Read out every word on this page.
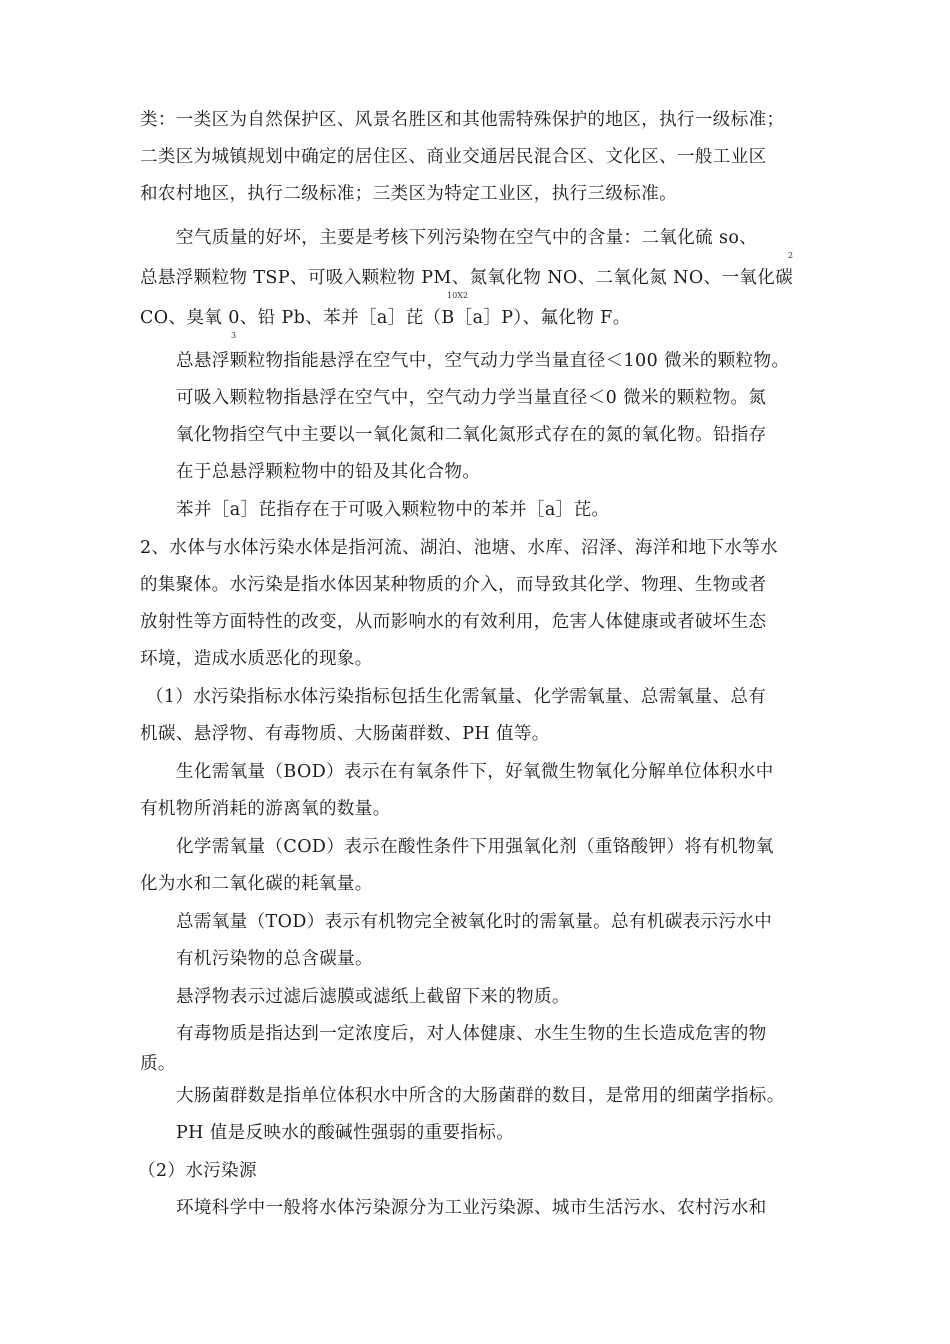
类：一类区为自然保护区、风景名胜区和其他需特殊保护的地区，执行一级标准；
二类区为城镇规划中确定的居住区、商业交通居民混合区、文化区、一般工业区
和农村地区，执行二级标准；三类区为特定工业区，执行三级标准。
空气质量的好坏，主要是考核下列污染物在空气中的含量：二氧化硫 so、
2
总悬浮颗粒物 TSP、可吸入颗粒物 PM、氮氧化物 NO、二氧化氮 NO、一氧化碳
10X2
CO、臭氧 0、铅 Pb、苯并［a］芘（B［a］P）、氟化物 F。
3
总悬浮颗粒物指能悬浮在空气中，空气动力学当量直径＜100 微米的颗粒物。
可吸入颗粒物指悬浮在空气中，空气动力学当量直径＜0 微米的颗粒物。氮
氧化物指空气中主要以一氧化氮和二氧化氮形式存在的氮的氧化物。铅指存
在于总悬浮颗粒物中的铅及其化合物。
苯并［a］芘指存在于可吸入颗粒物中的苯并［a］芘。
2、水体与水体污染水体是指河流、湖泊、池塘、水库、沼泽、海洋和地下水等水
的集聚体。水污染是指水体因某种物质的介入，而导致其化学、物理、生物或者
放射性等方面特性的改变，从而影响水的有效利用，危害人体健康或者破坏生态
环境，造成水质恶化的现象。
（1）水污染指标水体污染指标包括生化需氧量、化学需氧量、总需氧量、总有
机碳、悬浮物、有毒物质、大肠菌群数、PH 值等。
生化需氧量（BOD）表示在有氧条件下，好氧微生物氧化分解单位体积水中
有机物所消耗的游离氧的数量。
化学需氧量（COD）表示在酸性条件下用强氧化剂（重铬酸钾）将有机物氧
化为水和二氧化碳的耗氧量。
总需氧量（TOD）表示有机物完全被氧化时的需氧量。总有机碳表示污水中
有机污染物的总含碳量。
悬浮物表示过滤后滤膜或滤纸上截留下来的物质。
有毒物质是指达到一定浓度后，对人体健康、水生生物的生长造成危害的物
质。
大肠菌群数是指单位体积水中所含的大肠菌群的数目，是常用的细菌学指标。
PH 值是反映水的酸碱性强弱的重要指标。
（2）水污染源
环境科学中一般将水体污染源分为工业污染源、城市生活污水、农村污水和
